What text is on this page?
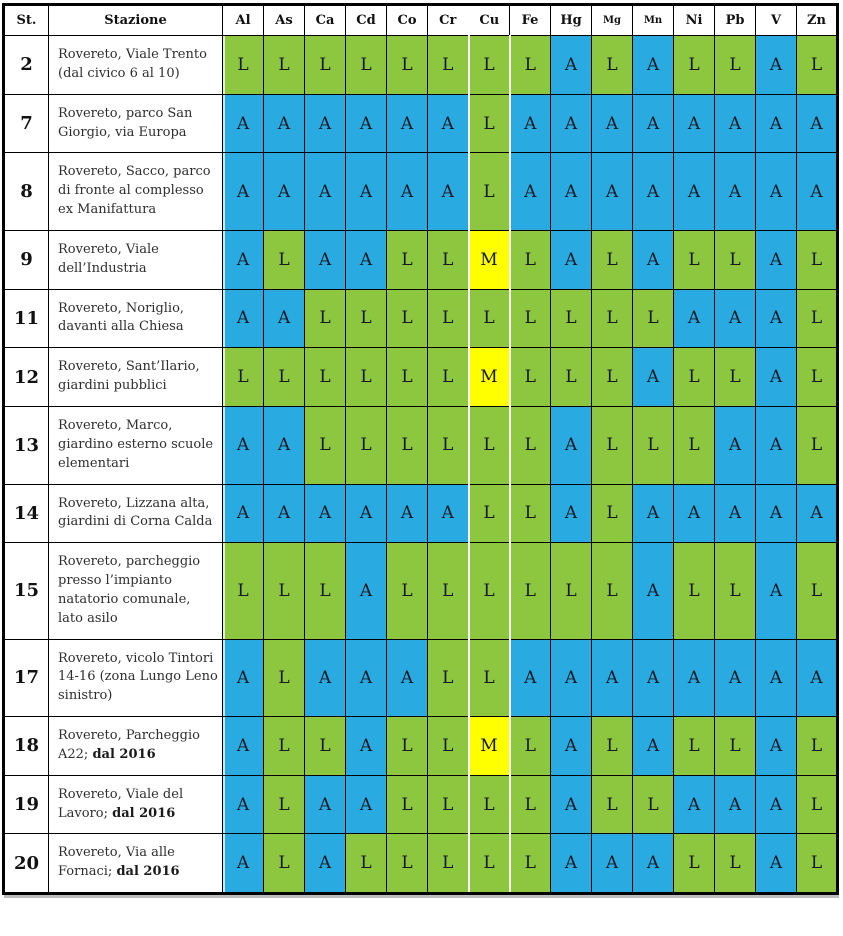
St.	Stazione	Al	As	Ca	Cd	Co	Cr	Cu	Fe	Hg	Mg	Mn	Ni	Pb	V	Zn
2	Rovereto, Viale Trento (dal civico 6 al 10)	L	L	L	L	L	L	L	L	A	L	A	L	L	A	L
7	Rovereto, parco San Giorgio, via Europa	A	A	A	A	A	A	L	A	A	A	A	A	A	A	A
8	Rovereto, Sacco, parco di fronte al complesso ex Manifattura	A	A	A	A	A	A	L	A	A	A	A	A	A	A	A
9	Rovereto, Viale dell’Industria	A	L	A	A	L	L	M	L	A	L	A	L	L	A	L
11	Rovereto, Noriglio, davanti alla Chiesa	A	A	L	L	L	L	L	L	L	L	L	A	A	A	L
12	Rovereto, Sant’Ilario, giardini pubblici	L	L	L	L	L	L	M	L	L	L	A	L	L	A	L
13	Rovereto, Marco, giardino esterno scuole elementari	A	A	L	L	L	L	L	L	A	L	L	L	A	A	L
14	Rovereto, Lizzana alta, giardini di Corna Calda	A	A	A	A	A	A	L	L	A	L	A	A	A	A	A
15	Rovereto, parcheggio presso l’impianto natatorio comunale, lato asilo	L	L	L	A	L	L	L	L	L	L	A	L	L	A	L
17	Rovereto, vicolo Tintori 14-16 (zona Lungo Leno sinistro)	A	L	A	A	A	L	L	A	A	A	A	A	A	A	A
18	Rovereto, Parcheggio A22; dal 2016	A	L	L	A	L	L	M	L	A	L	A	L	L	A	L
19	Rovereto, Viale del Lavoro; dal 2016	A	L	A	A	L	L	L	L	A	L	L	A	A	A	L
20	Rovereto, Via alle Fornaci; dal 2016	A	L	A	L	L	L	L	L	A	A	A	L	L	A	L
